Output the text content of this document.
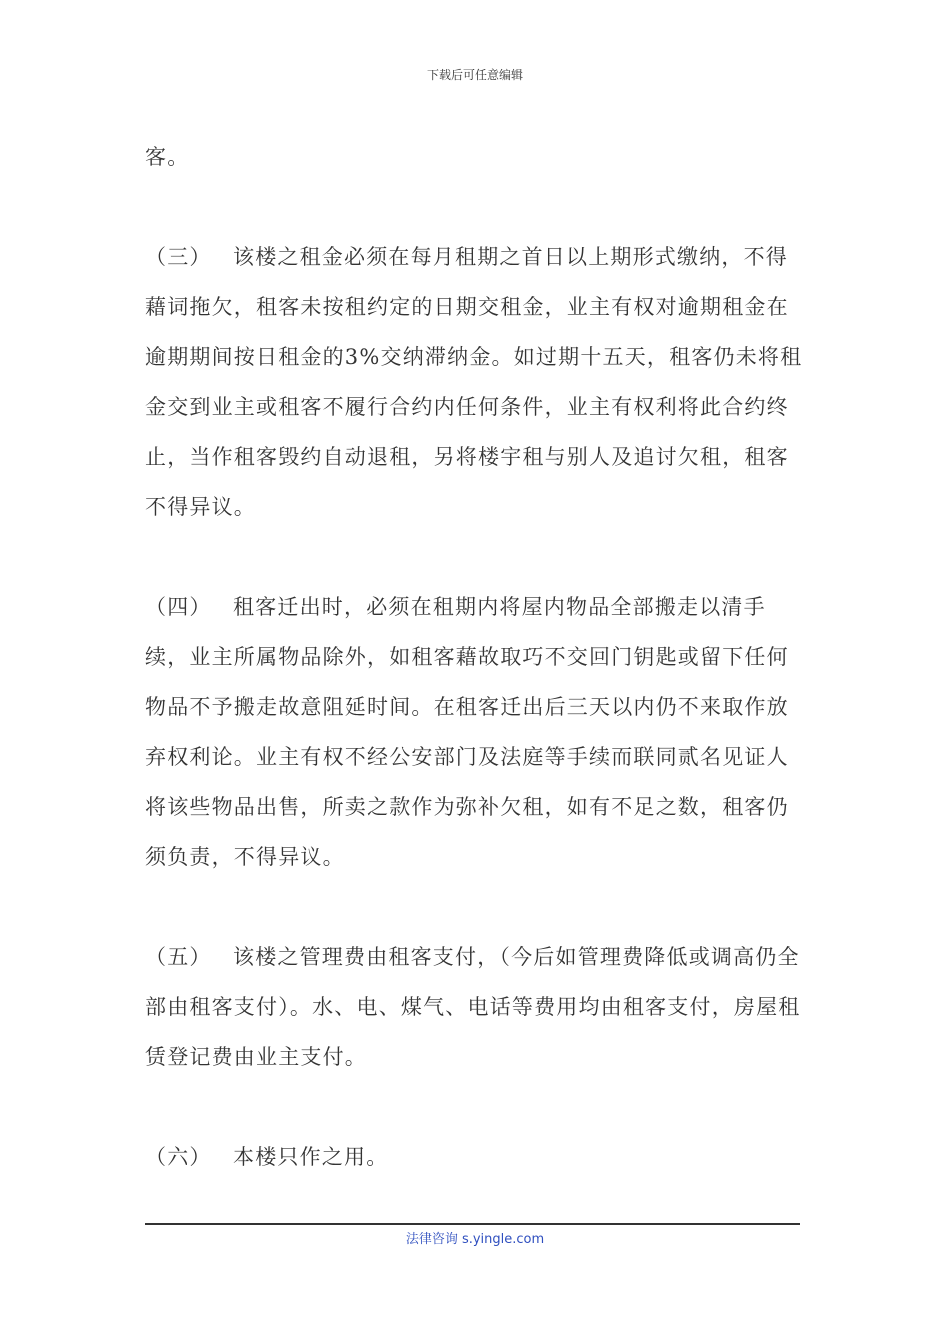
下载后可任意编辑

客。

（三） 该楼之租金必须在每月租期之首日以上期形式缴纳，不得藉词拖欠，租客未按租约定的日期交租金，业主有权对逾期租金在逾期期间按日租金的3%交纳滞纳金。如过期十五天，租客仍未将租金交到业主或租客不履行合约内任何条件，业主有权利将此合约终止，当作租客毁约自动退租，另将楼宇租与别人及追讨欠租，租客不得异议。

（四） 租客迁出时，必须在租期内将屋内物品全部搬走以清手续，业主所属物品除外，如租客藉故取巧不交回门钥匙或留下任何物品不予搬走故意阻延时间。在租客迁出后三天以内仍不来取作放弃权利论。业主有权不经公安部门及法庭等手续而联同贰名见证人将该些物品出售，所卖之款作为弥补欠租，如有不足之数，租客仍须负责，不得异议。

（五） 该楼之管理费由租客支付，（今后如管理费降低或调高仍全部由租客支付）。水、电、煤气、电话等费用均由租客支付，房屋租赁登记费由业主支付。

（六） 本楼只作之用。

法律咨询 s.yingle.com
